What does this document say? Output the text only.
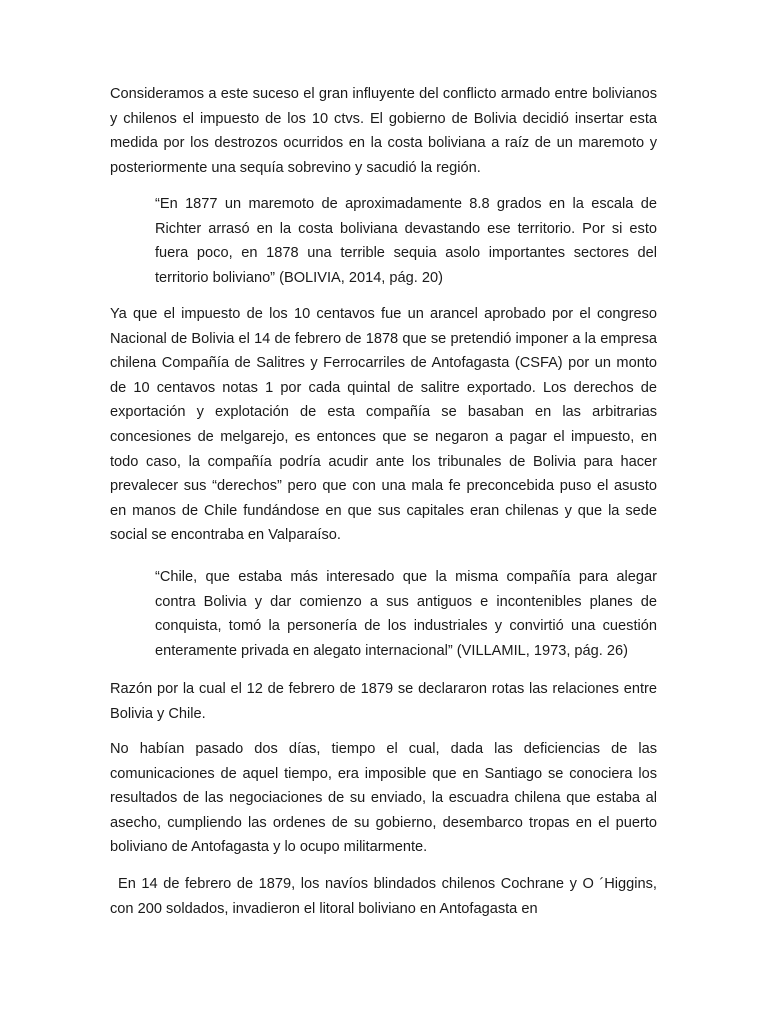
Consideramos a este suceso el gran influyente del conflicto armado entre bolivianos y chilenos el impuesto de los 10 ctvs. El gobierno de Bolivia decidió insertar esta medida por los destrozos ocurridos en la costa boliviana a raíz de un maremoto y posteriormente una sequía sobrevino y sacudió la región.

“En 1877 un maremoto de aproximadamente 8.8 grados en la escala de Richter arrasó en la costa boliviana devastando ese territorio. Por si esto fuera poco, en 1878 una terrible sequia asolo importantes sectores del territorio boliviano” (BOLIVIA, 2014, pág. 20)

Ya que el impuesto de los 10 centavos fue un arancel aprobado por el congreso Nacional de Bolivia el 14 de febrero de 1878 que se pretendió imponer a la empresa chilena Compañía de Salitres y Ferrocarriles de Antofagasta (CSFA) por un monto de 10 centavos notas 1 por cada quintal de salitre exportado. Los derechos de exportación y explotación de esta compañía se basaban en las arbitrarias concesiones de melgarejo, es entonces que se negaron a pagar el impuesto, en todo caso, la compañía podría acudir ante los tribunales de Bolivia para hacer prevalecer sus “derechos” pero que con una mala fe preconcebida puso el asusto en manos de Chile fundándose en que sus capitales eran chilenas y que la sede social se encontraba en Valparaíso.

“Chile, que estaba más interesado que la misma compañía para alegar contra Bolivia y dar comienzo a sus antiguos e incontenibles planes de conquista, tomó la personería de los industriales y convirtió una cuestión enteramente privada en alegato internacional” (VILLAMIL, 1973, pág. 26)

Razón por la cual el 12 de febrero de 1879 se declararon rotas las relaciones entre Bolivia y Chile.

No habían pasado dos días, tiempo el cual, dada las deficiencias de las comunicaciones de aquel tiempo, era imposible que en Santiago se conociera los resultados de las negociaciones de su enviado, la escuadra chilena que estaba al asecho, cumpliendo las ordenes de su gobierno, desembarco tropas en el puerto boliviano de Antofagasta y lo ocupo militarmente.

En 14 de febrero de 1879, los navíos blindados chilenos Cochrane y O ´Higgins, con 200 soldados, invadieron el litoral boliviano en Antofagasta en
